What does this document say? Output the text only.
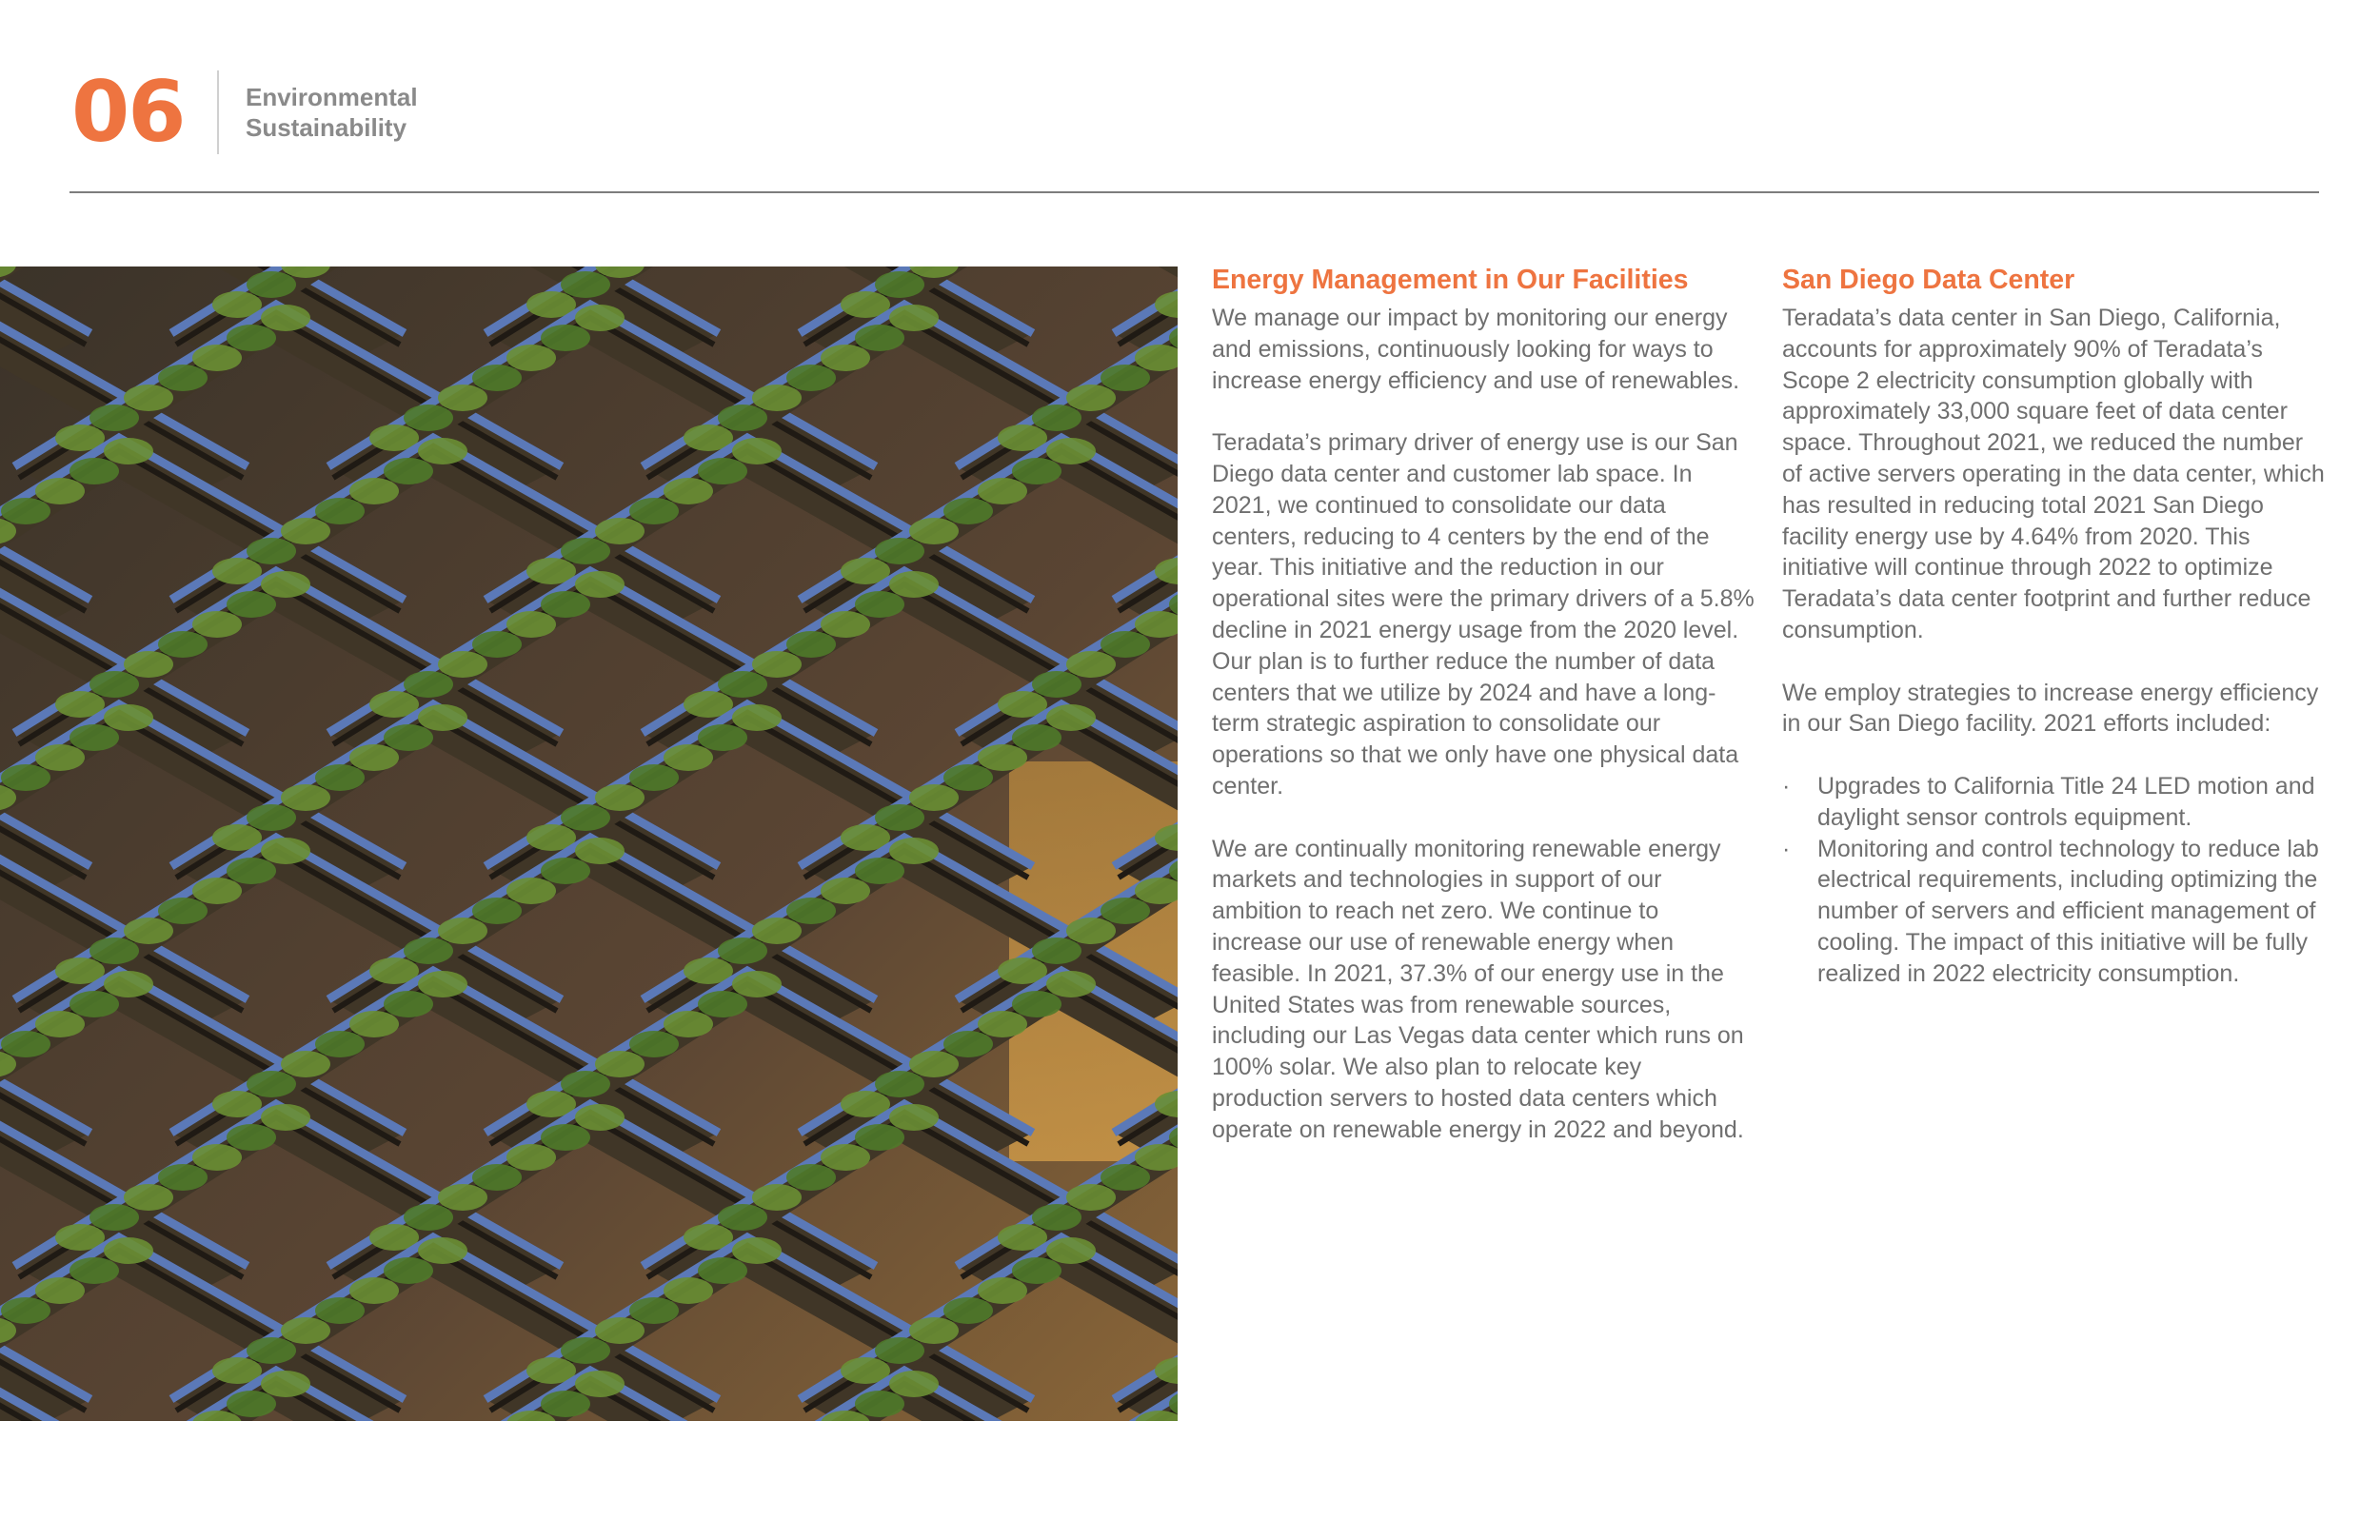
06 Environmental
Sustainability
Energy Management in Our Facilities

We manage our impact by monitoring our energy and emissions, continuously looking for ways to increase energy efficiency and use of renewables.

Teradata’s primary driver of energy use is our San Diego data center and customer lab space. In 2021, we continued to consolidate our data centers, reducing to 4 centers by the end of the year. This initiative and the reduction in our operational sites were the primary drivers of a 5.8% decline in 2021 energy usage from the 2020 level. Our plan is to further reduce the number of data centers that we utilize by 2024 and have a long-term strategic aspiration to consolidate our operations so that we only have one physical data center.

We are continually monitoring renewable energy markets and technologies in support of our ambition to reach net zero. We continue to increase our use of renewable energy when feasible. In 2021, 37.3% of our energy use in the United States was from renewable sources, including our Las Vegas data center which runs on 100% solar. We also plan to relocate key production servers to hosted data centers which operate on renewable energy in 2022 and beyond.

San Diego Data Center

Teradata’s data center in San Diego, California, accounts for approximately 90% of Teradata’s Scope 2 electricity consumption globally with approximately 33,000 square feet of data center space. Throughout 2021, we reduced the number of active servers operating in the data center, which has resulted in reducing total 2021 San Diego facility energy use by 4.64% from 2020. This initiative will continue through 2022 to optimize Teradata’s data center footprint and further reduce consumption.

We employ strategies to increase energy efficiency in our San Diego facility. 2021 efforts included:

· Upgrades to California Title 24 LED motion and daylight sensor controls equipment.
· Monitoring and control technology to reduce lab electrical requirements, including optimizing the number of servers and efficient management of cooling. The impact of this initiative will be fully realized in 2022 electricity consumption.
